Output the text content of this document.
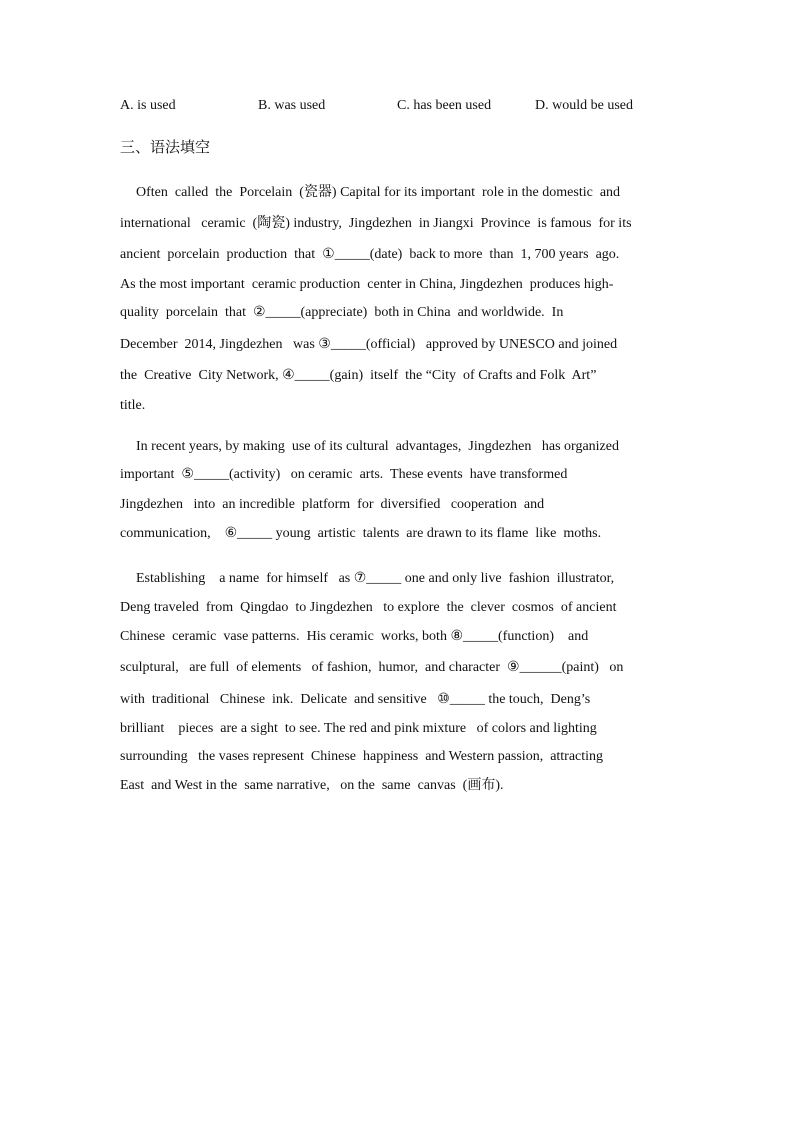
A. is used	B. was used	C. has been used	D. would be used
三、语法填空
Often  called  the  Porcelain  (瓷器) Capital for its important  role in the domestic  and
international   ceramic  (陶瓷) industry,  Jingdezhen  in Jiangxi  Province  is famous  for its
ancient  porcelain  production  that  ①_____(date)  back to more  than  1, 700 years  ago.
As the most important  ceramic production  center in China, Jingdezhen  produces high-
quality  porcelain  that  ②_____(appreciate)  both in China  and worldwide.  In
December  2014, Jingdezhen   was ③_____(official)   approved by UNESCO and joined
the  Creative  City Network, ④_____(gain)  itself  the “City  of Crafts and Folk  Art”
title.
In recent years, by making  use of its cultural  advantages,  Jingdezhen   has organized
important  ⑤_____(activity)   on ceramic  arts.  These events  have transformed
Jingdezhen   into  an incredible  platform  for  diversified   cooperation  and
communication,    ⑥_____ young  artistic  talents  are drawn to its flame  like  moths.
Establishing    a name  for himself   as ⑦_____ one and only live  fashion  illustrator,
Deng traveled  from  Qingdao  to Jingdezhen   to explore  the  clever  cosmos  of ancient
Chinese  ceramic  vase patterns.  His ceramic  works, both ⑧_____(function)    and
sculptural,   are full  of elements   of fashion,  humor,  and character  ⑨______(paint)   on
with  traditional   Chinese  ink.  Delicate  and sensitive   ⑩_____ the touch,  Deng’s
brilliant    pieces  are a sight  to see. The red and pink mixture   of colors and lighting
surrounding   the vases represent  Chinese  happiness  and Western passion,  attracting
East  and West in the  same narrative,   on the  same  canvas  (画布).
